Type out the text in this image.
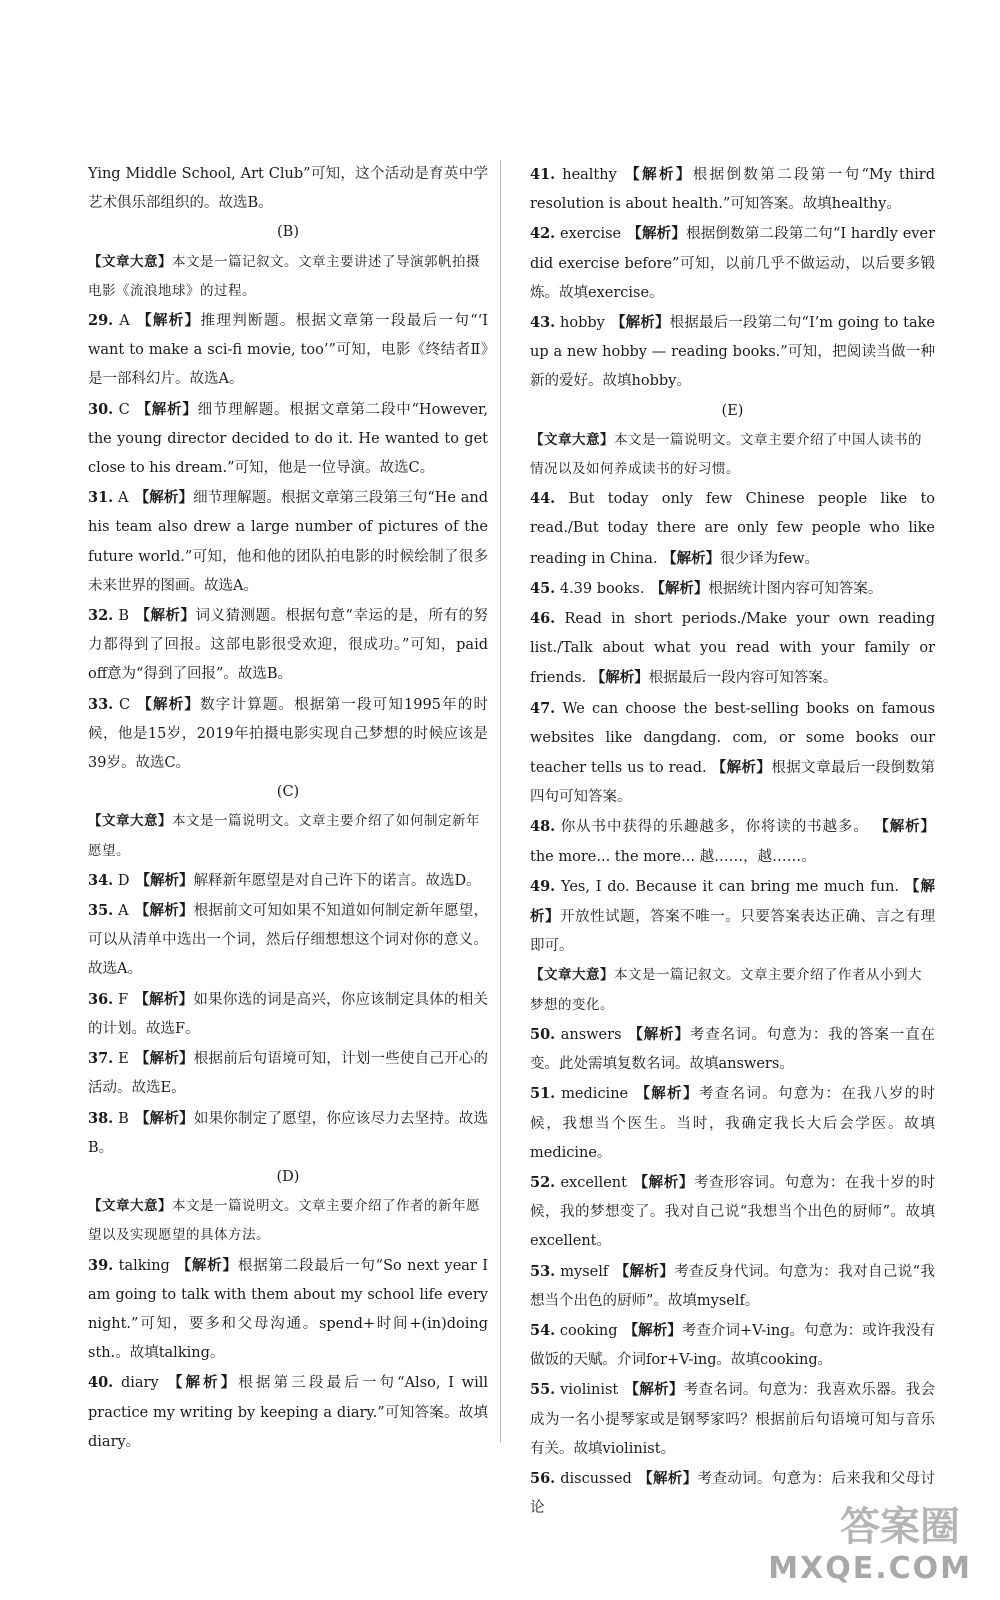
Ying Middle School, Art Club”可知，这个活动是育英中学艺术俱乐部组织的。故选B。

(B)

【文章大意】本文是一篇记叙文。文章主要讲述了导演郭帆拍摄电影《流浪地球》的过程。

29. A 【解析】推理判断题。根据文章第一段最后一句“‘I want to make a sci-fi movie, too’”可知，电影《终结者Ⅱ》是一部科幻片。故选A。

30. C 【解析】细节理解题。根据文章第二段中“However, the young director decided to do it. He wanted to get close to his dream.”可知，他是一位导演。故选C。

31. A 【解析】细节理解题。根据文章第三段第三句“He and his team also drew a large number of pictures of the future world.”可知，他和他的团队拍电影的时候绘制了很多未来世界的图画。故选A。

32. B 【解析】词义猜测题。根据句意“幸运的是，所有的努力都得到了回报。这部电影很受欢迎，很成功。”可知，paid off意为“得到了回报”。故选B。

33. C 【解析】数字计算题。根据第一段可知1995年的时候，他是15岁，2019年拍摄电影实现自己梦想的时候应该是39岁。故选C。

(C)

【文章大意】本文是一篇说明文。文章主要介绍了如何制定新年愿望。

34. D 【解析】解释新年愿望是对自己许下的诺言。故选D。

35. A 【解析】根据前文可知如果不知道如何制定新年愿望，可以从清单中选出一个词，然后仔细想想这个词对你的意义。故选A。

36. F 【解析】如果你选的词是高兴，你应该制定具体的相关的计划。故选F。

37. E 【解析】根据前后句语境可知，计划一些使自己开心的活动。故选E。

38. B 【解析】如果你制定了愿望，你应该尽力去坚持。故选B。

(D)

【文章大意】本文是一篇说明文。文章主要介绍了作者的新年愿望以及实现愿望的具体方法。

39. talking 【解析】根据第二段最后一句“So next year I am going to talk with them about my school life every night.”可知，要多和父母沟通。spend+时间+(in)doing sth.。故填talking。

40. diary 【解析】根据第三段最后一句“Also, I will practice my writing by keeping a diary.”可知答案。故填diary。

41. healthy 【解析】根据倒数第二段第一句“My third resolution is about health.”可知答案。故填healthy。

42. exercise 【解析】根据倒数第二段第二句“I hardly ever did exercise before”可知，以前几乎不做运动，以后要多锻炼。故填exercise。

43. hobby 【解析】根据最后一段第二句“I’m going to take up a new hobby — reading books.”可知，把阅读当做一种新的爱好。故填hobby。

(E)

【文章大意】本文是一篇说明文。文章主要介绍了中国人读书的情况以及如何养成读书的好习惯。

44. But today only few Chinese people like to read./But today there are only few people who like reading in China. 【解析】很少译为few。

45. 4.39 books. 【解析】根据统计图内容可知答案。

46. Read in short periods./Make your own reading list./Talk about what you read with your family or friends. 【解析】根据最后一段内容可知答案。

47. We can choose the best-selling books on famous websites like dangdang. com, or some books our teacher tells us to read. 【解析】根据文章最后一段倒数第四句可知答案。

48. 你从书中获得的乐趣越多，你将读的书越多。 【解析】the more... the more... 越……，越……。

49. Yes, I do. Because it can bring me much fun. 【解析】开放性试题，答案不唯一。只要答案表达正确、言之有理即可。

【文章大意】本文是一篇记叙文。文章主要介绍了作者从小到大梦想的变化。

50. answers 【解析】考查名词。句意为：我的答案一直在变。此处需填复数名词。故填answers。

51. medicine 【解析】考查名词。句意为：在我八岁的时候，我想当个医生。当时，我确定我长大后会学医。故填medicine。

52. excellent 【解析】考查形容词。句意为：在我十岁的时候，我的梦想变了。我对自己说“我想当个出色的厨师”。故填excellent。

53. myself 【解析】考查反身代词。句意为：我对自己说“我想当个出色的厨师”。故填myself。

54. cooking 【解析】考查介词+V-ing。句意为：或许我没有做饭的天赋。介词for+V-ing。故填cooking。

55. violinist 【解析】考查名词。句意为：我喜欢乐器。我会成为一名小提琴家或是钢琴家吗？根据前后句语境可知与音乐有关。故填violinist。

56. discussed 【解析】考查动词。句意为：后来我和父母讨论	答案圈
MXQE.COM
